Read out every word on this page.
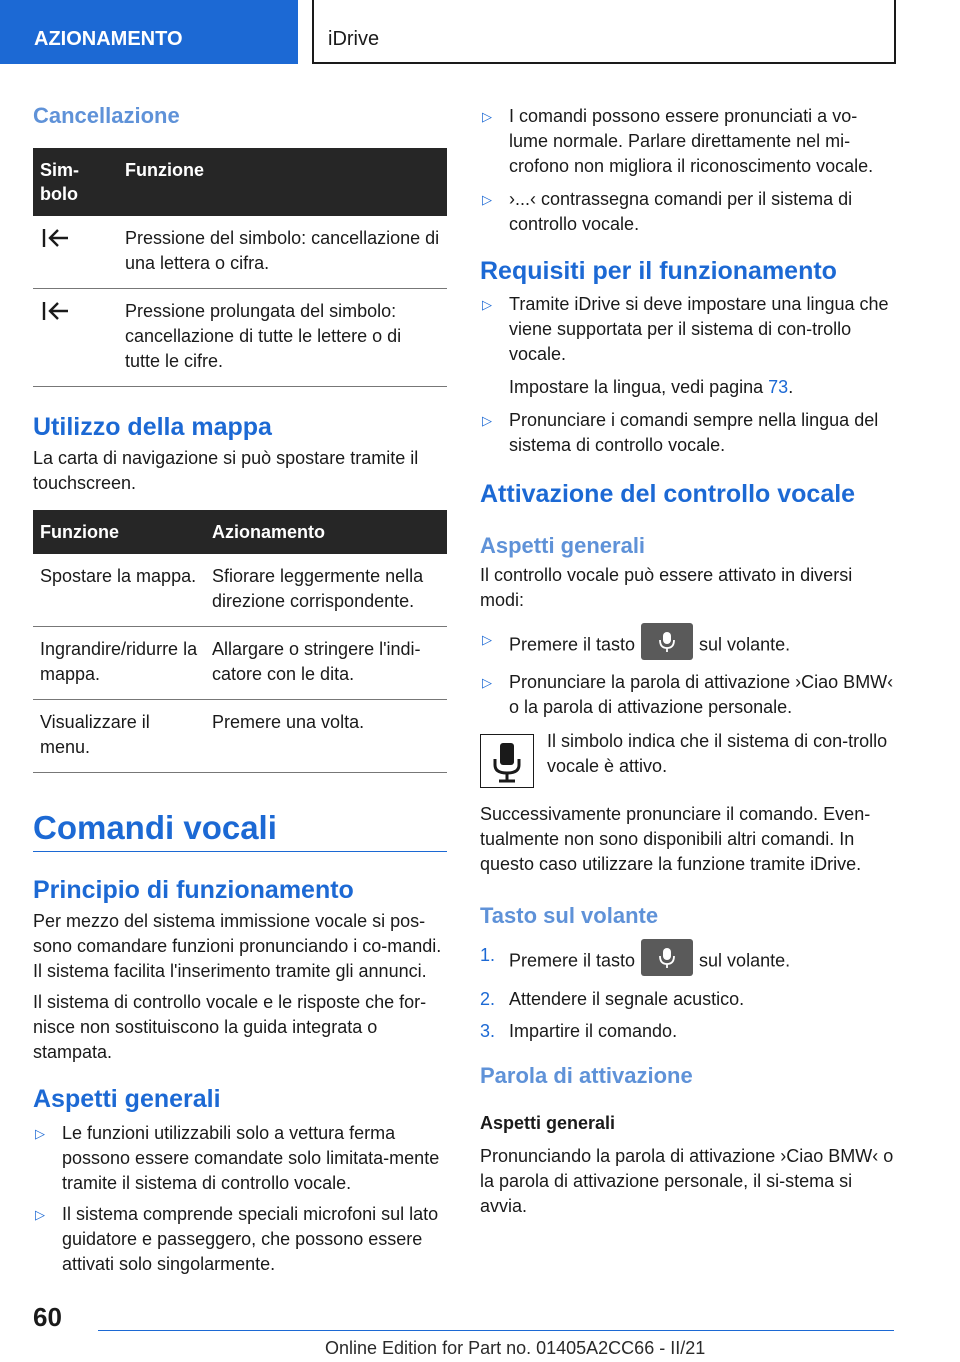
AZIONAMENTO	iDrive
Cancellazione
Sim-
bolo	Funzione
	Pressione del simbolo: cancellazione di una lettera o cifra.
	Pressione prolungata del simbolo: cancellazione di tutte le lettere o di tutte le cifre.
Utilizzo della mappa

La carta di navigazione si può spostare tramite il touchscreen.

Funzione	Azionamento
Spostare la mappa.	Sfiorare leggermente nella direzione corrispondente.
Ingrandire/ridurre la mappa.	Allargare o stringere l'indi-catore con le dita.
Visualizzare il menu.	Premere una volta.
Comandi vocali
Principio di funzionamento

Per mezzo del sistema immissione vocale si pos-sono comandare funzioni pronunciando i co-mandi. Il sistema facilita l'inserimento tramite gli annunci.

Il sistema di controllo vocale e le risposte che for-nisce non sostituiscono la guida integrata o stampata.

Aspetti generali
▷ Le funzioni utilizzabili solo a vettura ferma possono essere comandate solo limitata-mente tramite il sistema di controllo vocale.
▷ Il sistema comprende speciali microfoni sul lato guidatore e passeggero, che possono essere attivati solo singolarmente.
▷ I comandi possono essere pronunciati a vo-lume normale. Parlare direttamente nel mi-crofono non migliora il riconoscimento vocale.
▷ ›...‹ contrassegna comandi per il sistema di controllo vocale.
Requisiti per il funzionamento
▷ Tramite iDrive si deve impostare una lingua che viene supportata per il sistema di con-trollo vocale.

Impostare la lingua, vedi pagina 73.

▷ Pronunciare i comandi sempre nella lingua del sistema di controllo vocale.
Attivazione del controllo vocale
Aspetti generali

Il controllo vocale può essere attivato in diversi modi:

▷ Premere il tasto	sul volante.
▷ Pronunciare la parola di attivazione ›Ciao BMW‹ o la parola di attivazione personale.

Il simbolo indica che il sistema di con-trollo vocale è attivo.

Successivamente pronunciare il comando. Even-tualmente non sono disponibili altri comandi. In questo caso utilizzare la funzione tramite iDrive.

Tasto sul volante
1. Premere il tasto	sul volante.
2. Attendere il segnale acustico.
3. Impartire il comando.
Parola di attivazione

Aspetti generali

Pronunciando la parola di attivazione ›Ciao BMW‹ o la parola di attivazione personale, il si-stema si avvia.

60
Online Edition for Part no. 01405A2CC66 - II/21
